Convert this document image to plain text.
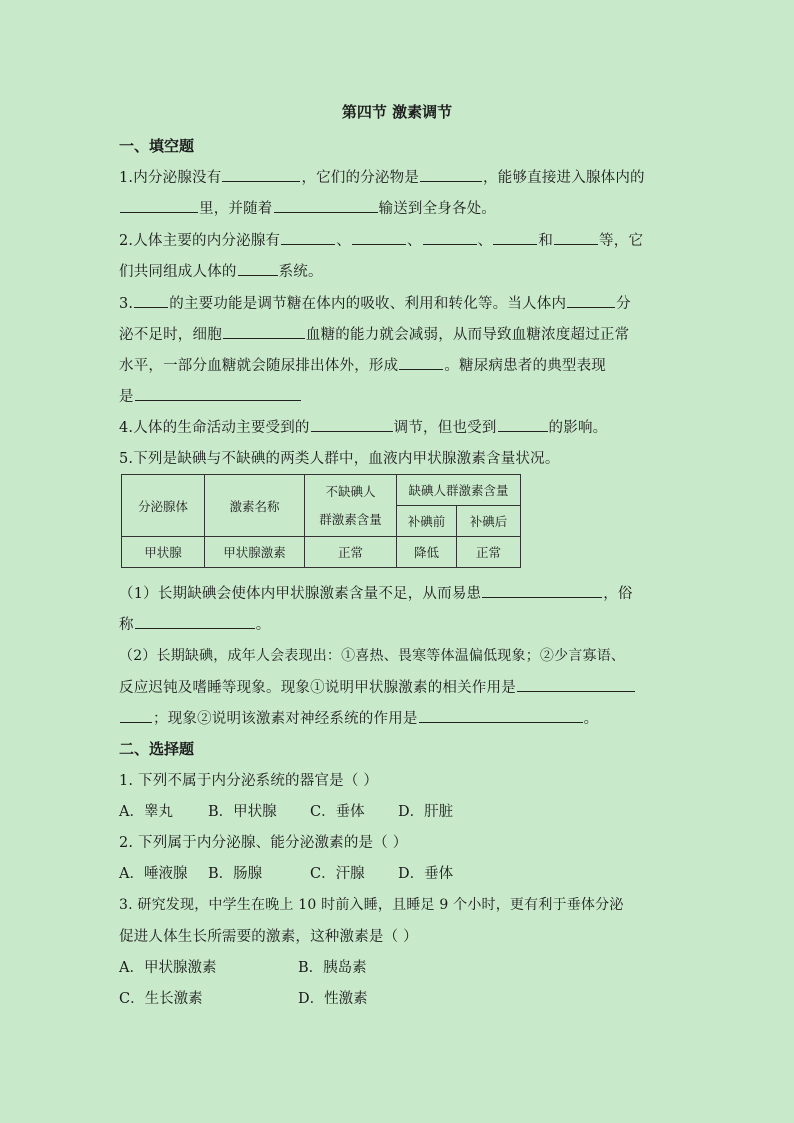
第四节 激素调节
一、填空题
1.内分泌腺没有	，它们的分泌物是	，能够直接进入腺体内的
里，并随着	输送到全身各处。
2.人体主要的内分泌腺有	、	、	、	和	等，它
们共同组成人体的	系统。
3. 的主要功能是调节糖在体内的吸收、利用和转化等。当人体内	分
泌不足时，细胞	血糖的能力就会减弱，从而导致血糖浓度超过正常
水平，一部分血糖就会随尿排出体外，形成	。糖尿病患者的典型表现
是
4.人体的生命活动主要受到的	调节，但也受到	的影响。
5.下列是缺碘与不缺碘的两类人群中，血液内甲状腺激素含量状况。
分泌腺体	激素名称	不缺碘人
群激素含量	缺碘人群激素含量	
			补碘前	补碘后
甲状腺	甲状腺激素	正常	降低	正常
（1）长期缺碘会使体内甲状腺激素含量不足，从而易患	，俗
称	。
（2）长期缺碘，成年人会表现出：①喜热、畏寒等体温偏低现象；②少言寡语、
反应迟钝及嗜睡等现象。现象①说明甲状腺激素的相关作用是
；现象②说明该激素对神经系统的作用是	。
二、选择题
1. 下列不属于内分泌系统的器官是（ ）
A．睾丸 B．甲状腺 C．垂体 D．肝脏
2. 下列属于内分泌腺、能分泌激素的是（ ）
A．唾液腺 B．肠腺	C．汗腺 D．垂体
3. 研究发现，中学生在晚上 10 时前入睡，且睡足 9 个小时，更有利于垂体分泌
促进人体生长所需要的激素，这种激素是（ ）
A．甲状腺激素	B．胰岛素
C．生长激素	D．性激素
